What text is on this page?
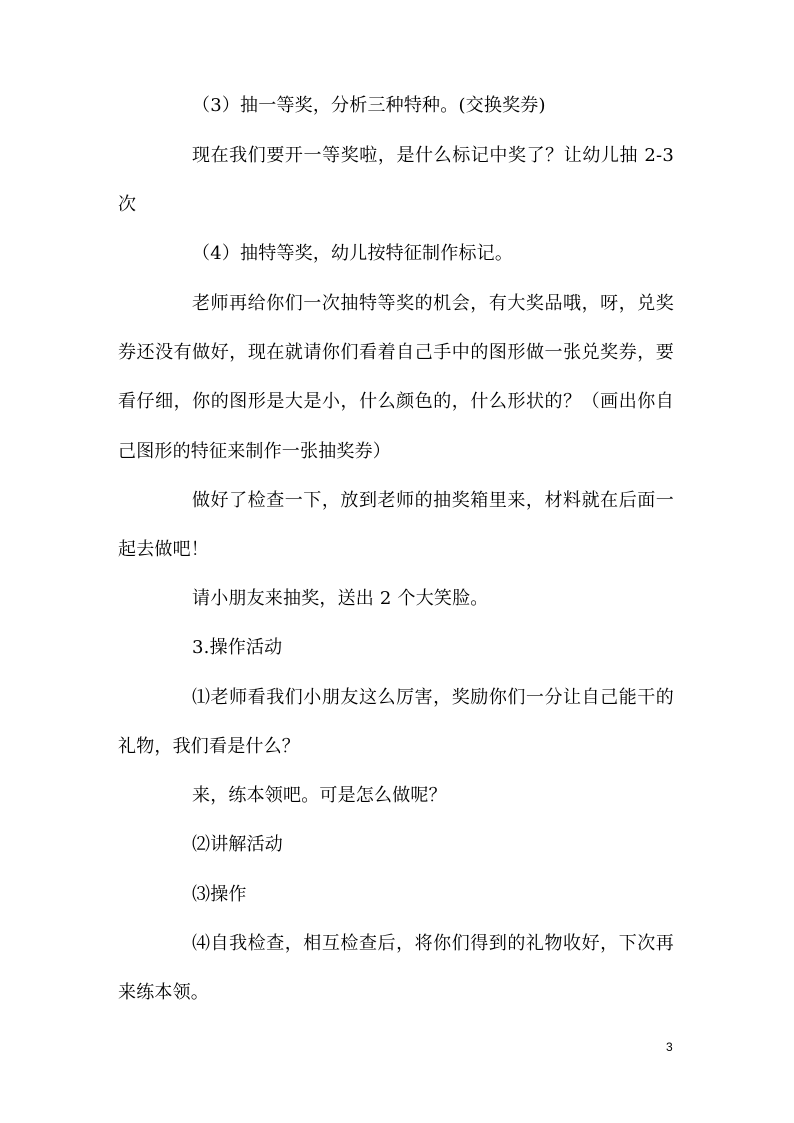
（3）抽一等奖，分析三种特种。(交换奖券)
现在我们要开一等奖啦，是什么标记中奖了？让幼儿抽 2-3
次
（4）抽特等奖，幼儿按特征制作标记。
老师再给你们一次抽特等奖的机会，有大奖品哦，呀，兑奖
券还没有做好，现在就请你们看着自己手中的图形做一张兑奖券，要
看仔细，你的图形是大是小，什么颜色的，什么形状的？（画出你自
己图形的特征来制作一张抽奖券）
做好了检查一下，放到老师的抽奖箱里来，材料就在后面一
起去做吧！
请小朋友来抽奖，送出 2 个大笑脸。
3.操作活动
⑴老师看我们小朋友这么厉害，奖励你们一分让自己能干的
礼物，我们看是什么？
来，练本领吧。可是怎么做呢？
⑵讲解活动
⑶操作
⑷自我检查，相互检查后，将你们得到的礼物收好，下次再
来练本领。
3
